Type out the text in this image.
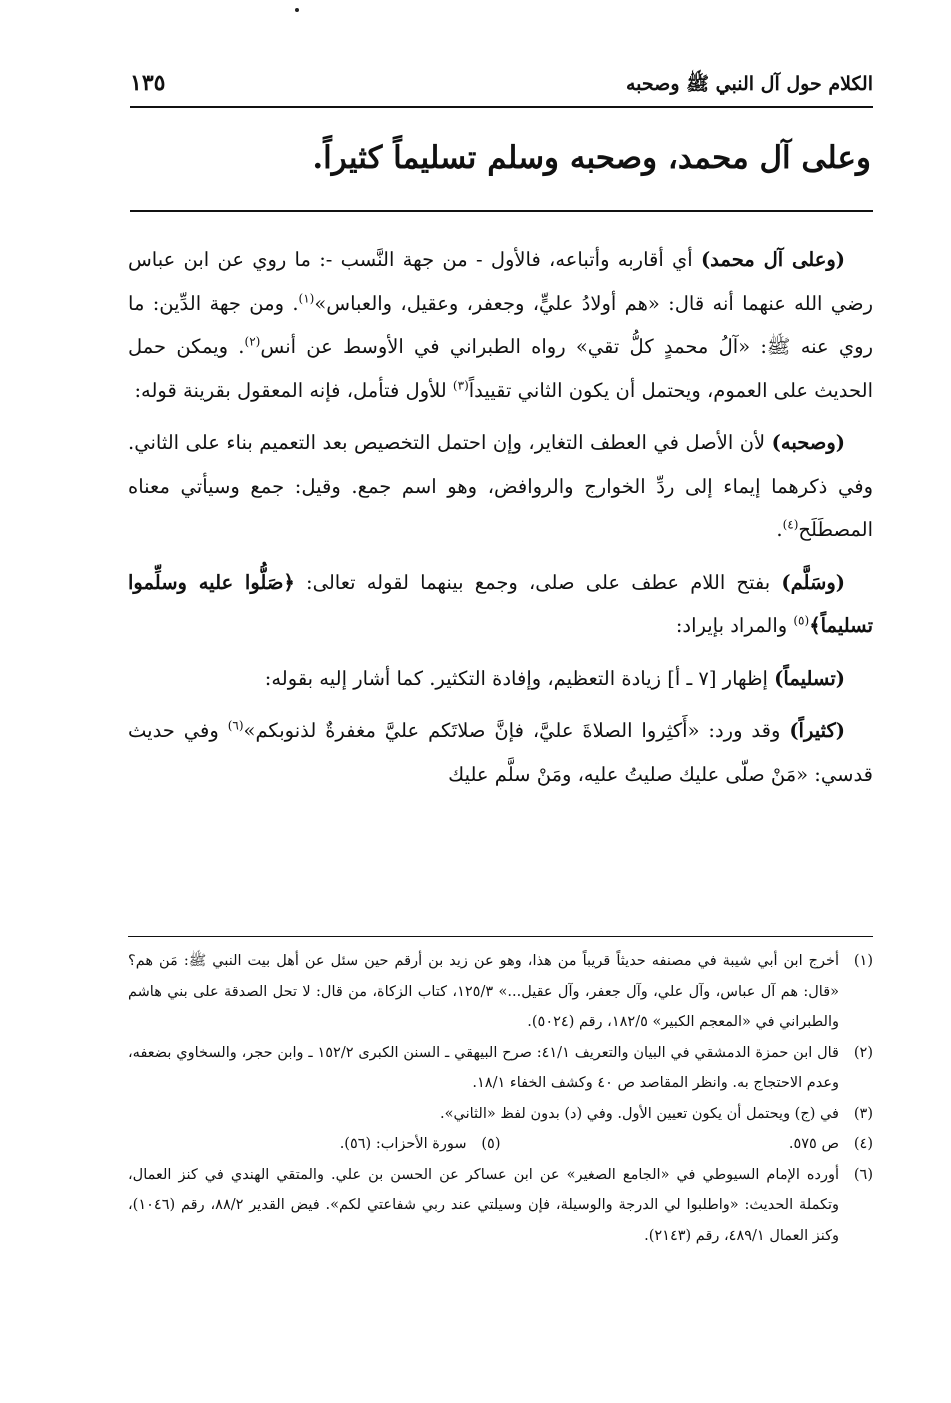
الكلام حول آل النبي ﷺ وصحبه
١٣٥
وعلى آل محمد، وصحبه وسلم تسليماً كثيراً.

(وعلى آل محمد) أي أقاربه وأتباعه، فالأول - من جهة النَّسب -: ما روي عن ابن عباس رضي الله عنهما أنه قال: «هم أولادُ عليٍّ، وجعفر، وعقيل، والعباس»$^{(١)}$. ومن جهة الدِّين: ما روي عنه ﷺ: «آلُ محمدٍ كلُّ تقي» رواه الطبراني في الأوسط عن أنس$^{(٢)}$. ويمكن حمل الحديث على العموم، ويحتمل أن يكون الثاني تقييداً$^{(٣)}$ للأول فتأمل، فإنه المعقول بقرينة قوله:

(وصحبه) لأن الأصل في العطف التغاير، وإن احتمل التخصيص بعد التعميم بناء على الثاني. وفي ذكرهما إيماء إلى ردِّ الخوارج والروافض، وهو اسم جمع. وقيل: جمع وسيأتي معناه المصطَلَح$^{(٤)}$.

(وسَلَّم) بفتح اللام عطف على صلى، وجمع بينهما لقوله تعالى: ﴿صَلُّوا عليه وسلِّموا تسليماً﴾$^{(٥)}$ والمراد بإيراد:

(تسليماً) إظهار [٧ ـ أ] زيادة التعظيم، وإفادة التكثير. كما أشار إليه بقوله:

(كثيراً) وقد ورد: «أَكثِروا الصلاةَ عليَّ، فإنَّ صلاتَكم عليَّ مغفرةٌ لذنوبكم»$^{(٦)}$ وفي حديث قدسي: «مَنْ صلّى عليك صليتُ عليه، ومَنْ سلَّم عليك

(١)
أخرج ابن أبي شيبة في مصنفه حديثاً قريباً من هذا، وهو عن زيد بن أرقم حين سئل عن أهل بيت النبي ﷺ: مَن هم؟ «قال: هم آل عباس، وآل علي، وآل جعفر، وآل عقيل...» ١٢٥/٣، كتاب الزكاة، من قال: لا تحل الصدقة على بني هاشم والطبراني في «المعجم الكبير» ١٨٢/٥، رقم (٥٠٢٤).
(٢)
قال ابن حمزة الدمشقي في البيان والتعريف ٤١/١: صرح البيهقي ـ السنن الكبرى ١٥٢/٢ ـ وابن حجر، والسخاوي بضعفه، وعدم الاحتجاج به. وانظر المقاصد ص ٤٠ وكشف الخفاء ١٨/١.
(٣)
في (ج) ويحتمل أن يكون تعيين الأول. وفي (د) بدون لفظ «الثاني».
(٤)
ص ٥٧٥.
(٥)
سورة الأحزاب: (٥٦).
(٦)
أورده الإمام السيوطي في «الجامع الصغير» عن ابن عساكر عن الحسن بن علي. والمتقي الهندي في كنز العمال، وتكملة الحديث: «واطلبوا لي الدرجة والوسيلة، فإن وسيلتي عند ربي شفاعتي لكم». فيض القدير ٨٨/٢، رقم (١٠٤٦)، وكنز العمال ٤٨٩/١، رقم (٢١٤٣).
